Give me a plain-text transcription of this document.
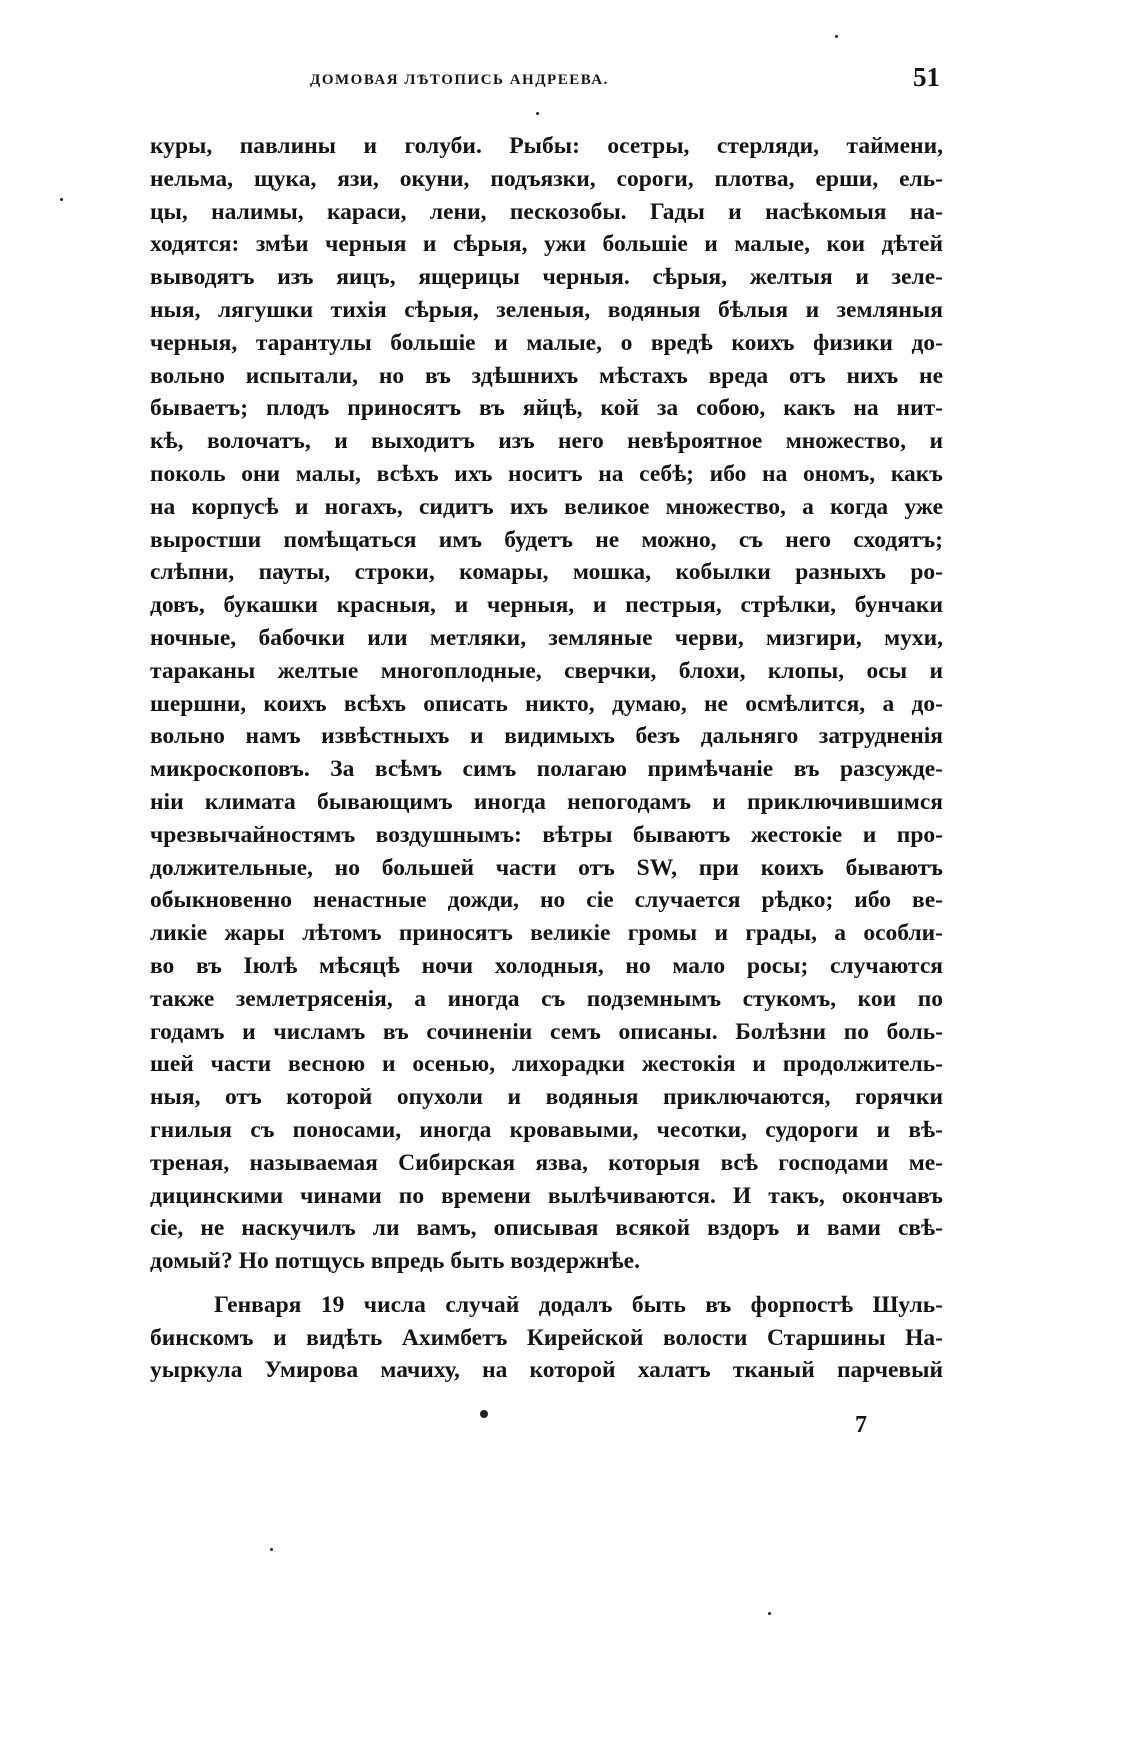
ДОМОВАЯ ЛѢТОПИСЬ АНДРЕЕВА.	51
куры, павлины и голуби. Рыбы: осетры, стерляди, таймени,
нельма, щука, язи, окуни, подъязки, сороги, плотва, ерши, ель-
цы, налимы, караси, лени, пескозобы. Гады и насѣкомыя на-
ходятся: змѣи черныя и сѣрыя, ужи большіе и малые, кои дѣтей
выводятъ изъ яицъ, ящерицы черныя. сѣрыя, желтыя и зеле-
ныя, лягушки тихія сѣрыя, зеленыя, водяныя бѣлыя и земляныя
черныя, тарантулы большіе и малые, о вредѣ коихъ физики до-
вольно испытали, но въ здѣшнихъ мѣстахъ вреда отъ нихъ не
бываетъ; плодъ приносятъ въ яйцѣ, кой за собою, какъ на нит-
кѣ, волочатъ, и выходитъ изъ него невѣроятное множество, и
поколь они малы, всѣхъ ихъ носитъ на себѣ; ибо на ономъ, какъ
на корпусѣ и ногахъ, сидитъ ихъ великое множество, а когда уже
выростши помѣщаться имъ будетъ не можно, съ него сходятъ;
слѣпни, пауты, строки, комары, мошка, кобылки разныхъ ро-
довъ, букашки красныя, и черныя, и пестрыя, стрѣлки, бунчаки
ночные, бабочки или метляки, земляные черви, мизгири, мухи,
тараканы желтые многоплодные, сверчки, блохи, клопы, осы и
шершни, коихъ всѣхъ описать никто, думаю, не осмѣлится, а до-
вольно намъ извѣстныхъ и видимыхъ безъ дальняго затрудненія
микроскоповъ. За всѣмъ симъ полагаю примѣчаніе въ разсужде-
ніи климата бывающимъ иногда непогодамъ и приключившимся
чрезвычайностямъ воздушнымъ: вѣтры бываютъ жестокіе и про-
должительные, но большей части отъ SW, при коихъ бываютъ
обыкновенно ненастные дожди, но сіе случается рѣдко; ибо ве-
ликіе жары лѣтомъ приносятъ великіе громы и грады, а особли-
во въ Іюлѣ мѣсяцѣ ночи холодныя, но мало росы; случаются
также землетрясенія, а иногда съ подземнымъ стукомъ, кои по
годамъ и числамъ въ сочиненіи семъ описаны. Болѣзни по боль-
шей части весною и осенью, лихорадки жестокія и продолжитель-
ныя, отъ которой опухоли и водяныя приключаются, горячки
гнилыя съ поносами, иногда кровавыми, чесотки, судороги и вѣ-
треная, называемая Сибирская язва, которыя всѣ господами ме-
дицинскими чинами по времени вылѣчиваются. И такъ, окончавъ
сіе, не наскучилъ ли вамъ, описывая всякой вздоръ и вами свѣ-
домый? Но потщусь впредь быть воздержнѣе.
Генваря 19 числа случай додалъ быть въ форпостѣ Шуль-
бинскомъ и видѣть Ахимбетъ Кирейской волости Старшины На-
уыркула Умирова мачиху, на которой халатъ тканый парчевый
7
